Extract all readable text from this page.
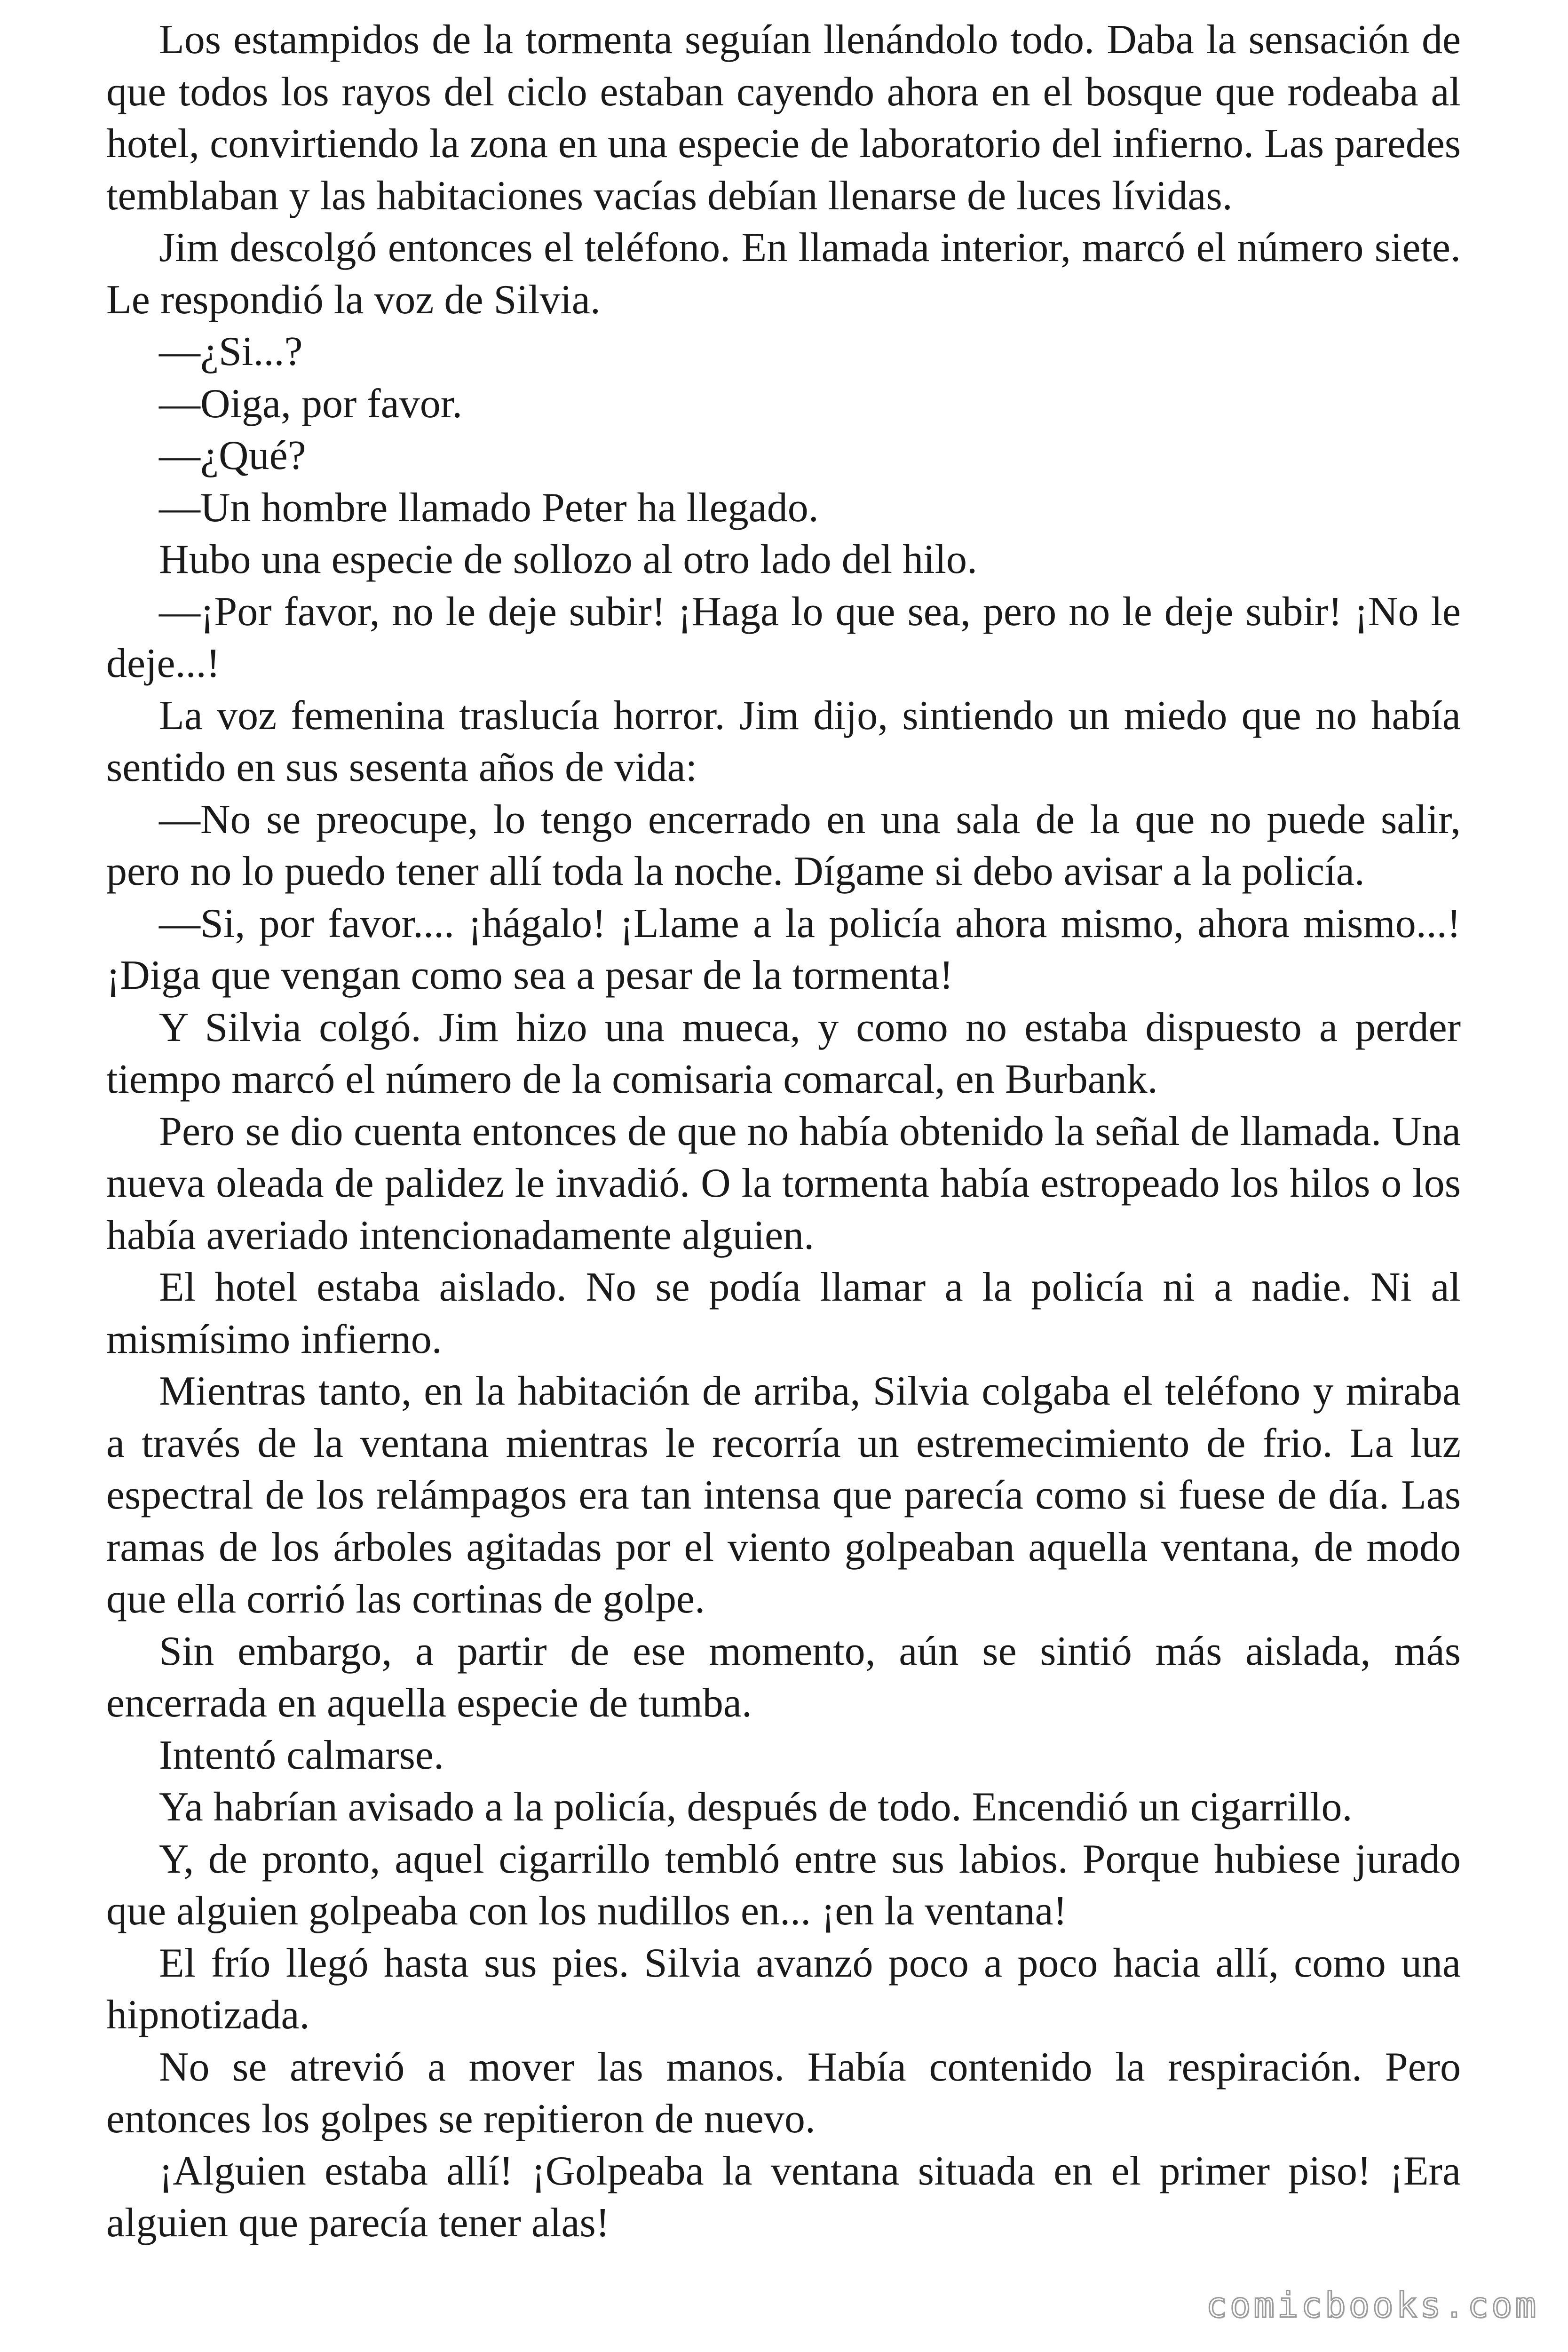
Los estampidos de la tormenta seguían llenándolo todo. Daba la sensación de que todos los rayos del ciclo estaban cayendo ahora en el bosque que rodeaba al hotel, convirtiendo la zona en una especie de laboratorio del infierno. Las paredes temblaban y las habitaciones vacías debían llenarse de luces lívidas.

Jim descolgó entonces el teléfono. En llamada interior, marcó el número siete. Le respondió la voz de Silvia.

—¿Si...?

—Oiga, por favor.

—¿Qué?

—Un hombre llamado Peter ha llegado.

Hubo una especie de sollozo al otro lado del hilo.

—¡Por favor, no le deje subir! ¡Haga lo que sea, pero no le deje subir! ¡No le deje...!

La voz femenina traslucía horror. Jim dijo, sintiendo un miedo que no había sentido en sus sesenta años de vida:

—No se preocupe, lo tengo encerrado en una sala de la que no puede salir, pero no lo puedo tener allí toda la noche. Dígame si debo avisar a la policía.

—Si, por favor.... ¡hágalo! ¡Llame a la policía ahora mismo, ahora mismo...! ¡Diga que vengan como sea a pesar de la tormenta!

Y Silvia colgó. Jim hizo una mueca, y como no estaba dispuesto a perder tiempo marcó el número de la comisaria comarcal, en Burbank.

Pero se dio cuenta entonces de que no había obtenido la señal de llamada. Una nueva oleada de palidez le invadió. O la tormenta había estropeado los hilos o los había averiado intencionadamente alguien.

El hotel estaba aislado. No se podía llamar a la policía ni a nadie. Ni al mismísimo infierno.

Mientras tanto, en la habitación de arriba, Silvia colgaba el teléfono y miraba a través de la ventana mientras le recorría un estremecimiento de frio. La luz espectral de los relámpagos era tan intensa que parecía como si fuese de día. Las ramas de los árboles agitadas por el viento golpeaban aquella ventana, de modo que ella corrió las cortinas de golpe.

Sin embargo, a partir de ese momento, aún se sintió más aislada, más encerrada en aquella especie de tumba.

Intentó calmarse.

Ya habrían avisado a la policía, después de todo. Encendió un cigarrillo.

Y, de pronto, aquel cigarrillo tembló entre sus labios. Porque hubiese jurado que alguien golpeaba con los nudillos en... ¡en la ventana!

El frío llegó hasta sus pies. Silvia avanzó poco a poco hacia allí, como una hipnotizada.

No se atrevió a mover las manos. Había contenido la respiración. Pero entonces los golpes se repitieron de nuevo.

¡Alguien estaba allí! ¡Golpeaba la ventana situada en el primer piso! ¡Era alguien que parecía tener alas!

comicbooks.com
